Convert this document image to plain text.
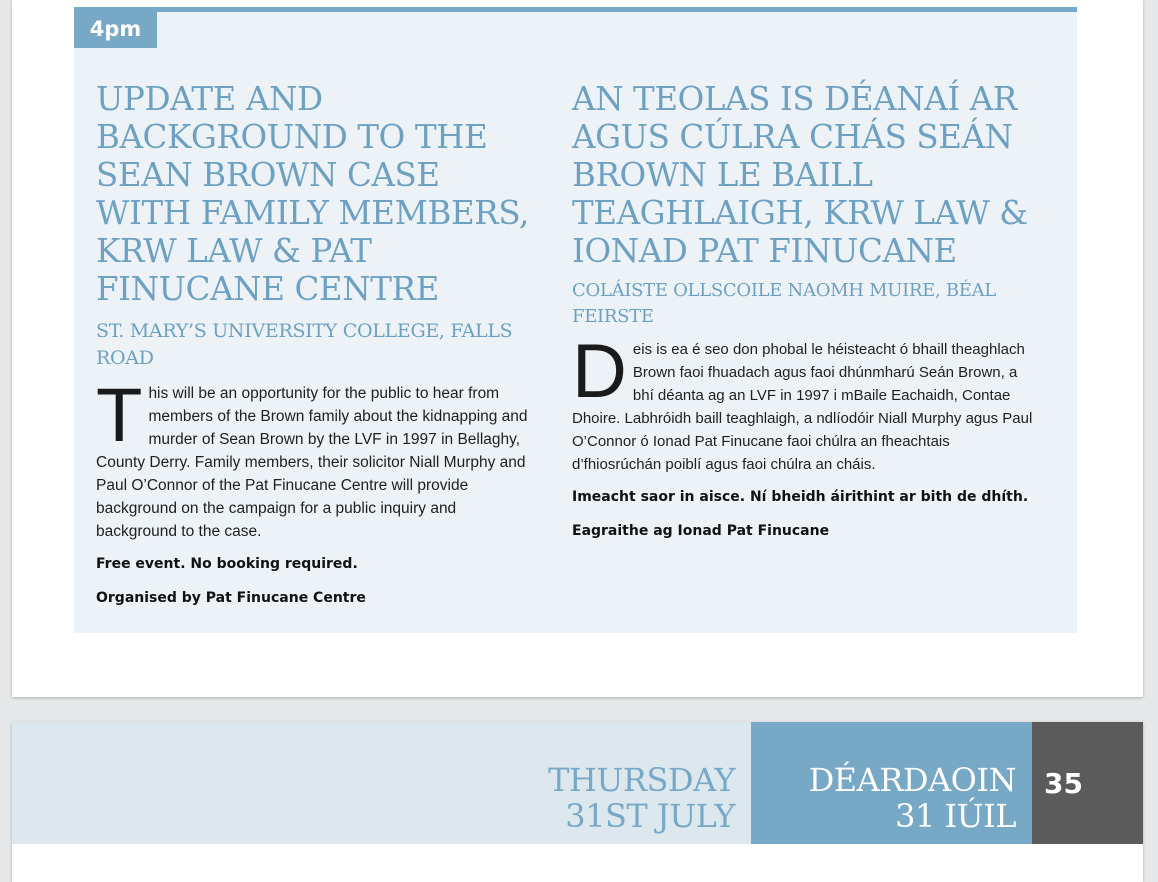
4pm
UPDATE AND BACKGROUND TO THE SEAN BROWN CASE WITH FAMILY MEMBERS, KRW LAW & PAT FINUCANE CENTRE

ST. MARY’S UNIVERSITY COLLEGE, FALLS ROAD

This will be an opportunity for the public to hear from members of the Brown family about the kidnapping and murder of Sean Brown by the LVF in 1997 in Bellaghy, County Derry. Family members, their solicitor Niall Murphy and Paul O’Connor of the Pat Finucane Centre will provide background on the campaign for a public inquiry and background to the case.

Free event. No booking required.

Organised by Pat Finucane Centre

AN TEOLAS IS DÉANAÍ AR AGUS CÚLRA CHÁS SEÁN BROWN LE BAILL TEAGHLAIGH, KRW LAW & IONAD PAT FINUCANE

COLÁISTE OLLSCOILE NAOMH MUIRE, BÉAL FEIRSTE

Deis is ea é seo don phobal le héisteacht ó bhaill theaghlach Brown faoi fhuadach agus faoi dhúnmharú Seán Brown, a bhí déanta ag an LVF in 1997 i mBaile Eachaidh, Contae Dhoire. Labhróidh baill teaghlaigh, a ndlíodóir Niall Murphy agus Paul O’Connor ó Ionad Pat Finucane faoi chúlra an fheachtais d’fhiosrúchán poiblí agus faoi chúlra an cháis.

Imeacht saor in aisce. Ní bheidh áirithint ar bith de dhíth.

Eagraithe ag Ionad Pat Finucane

THURSDAY
31ST JULY
DÉARDAOIN
31 IÚIL
35
